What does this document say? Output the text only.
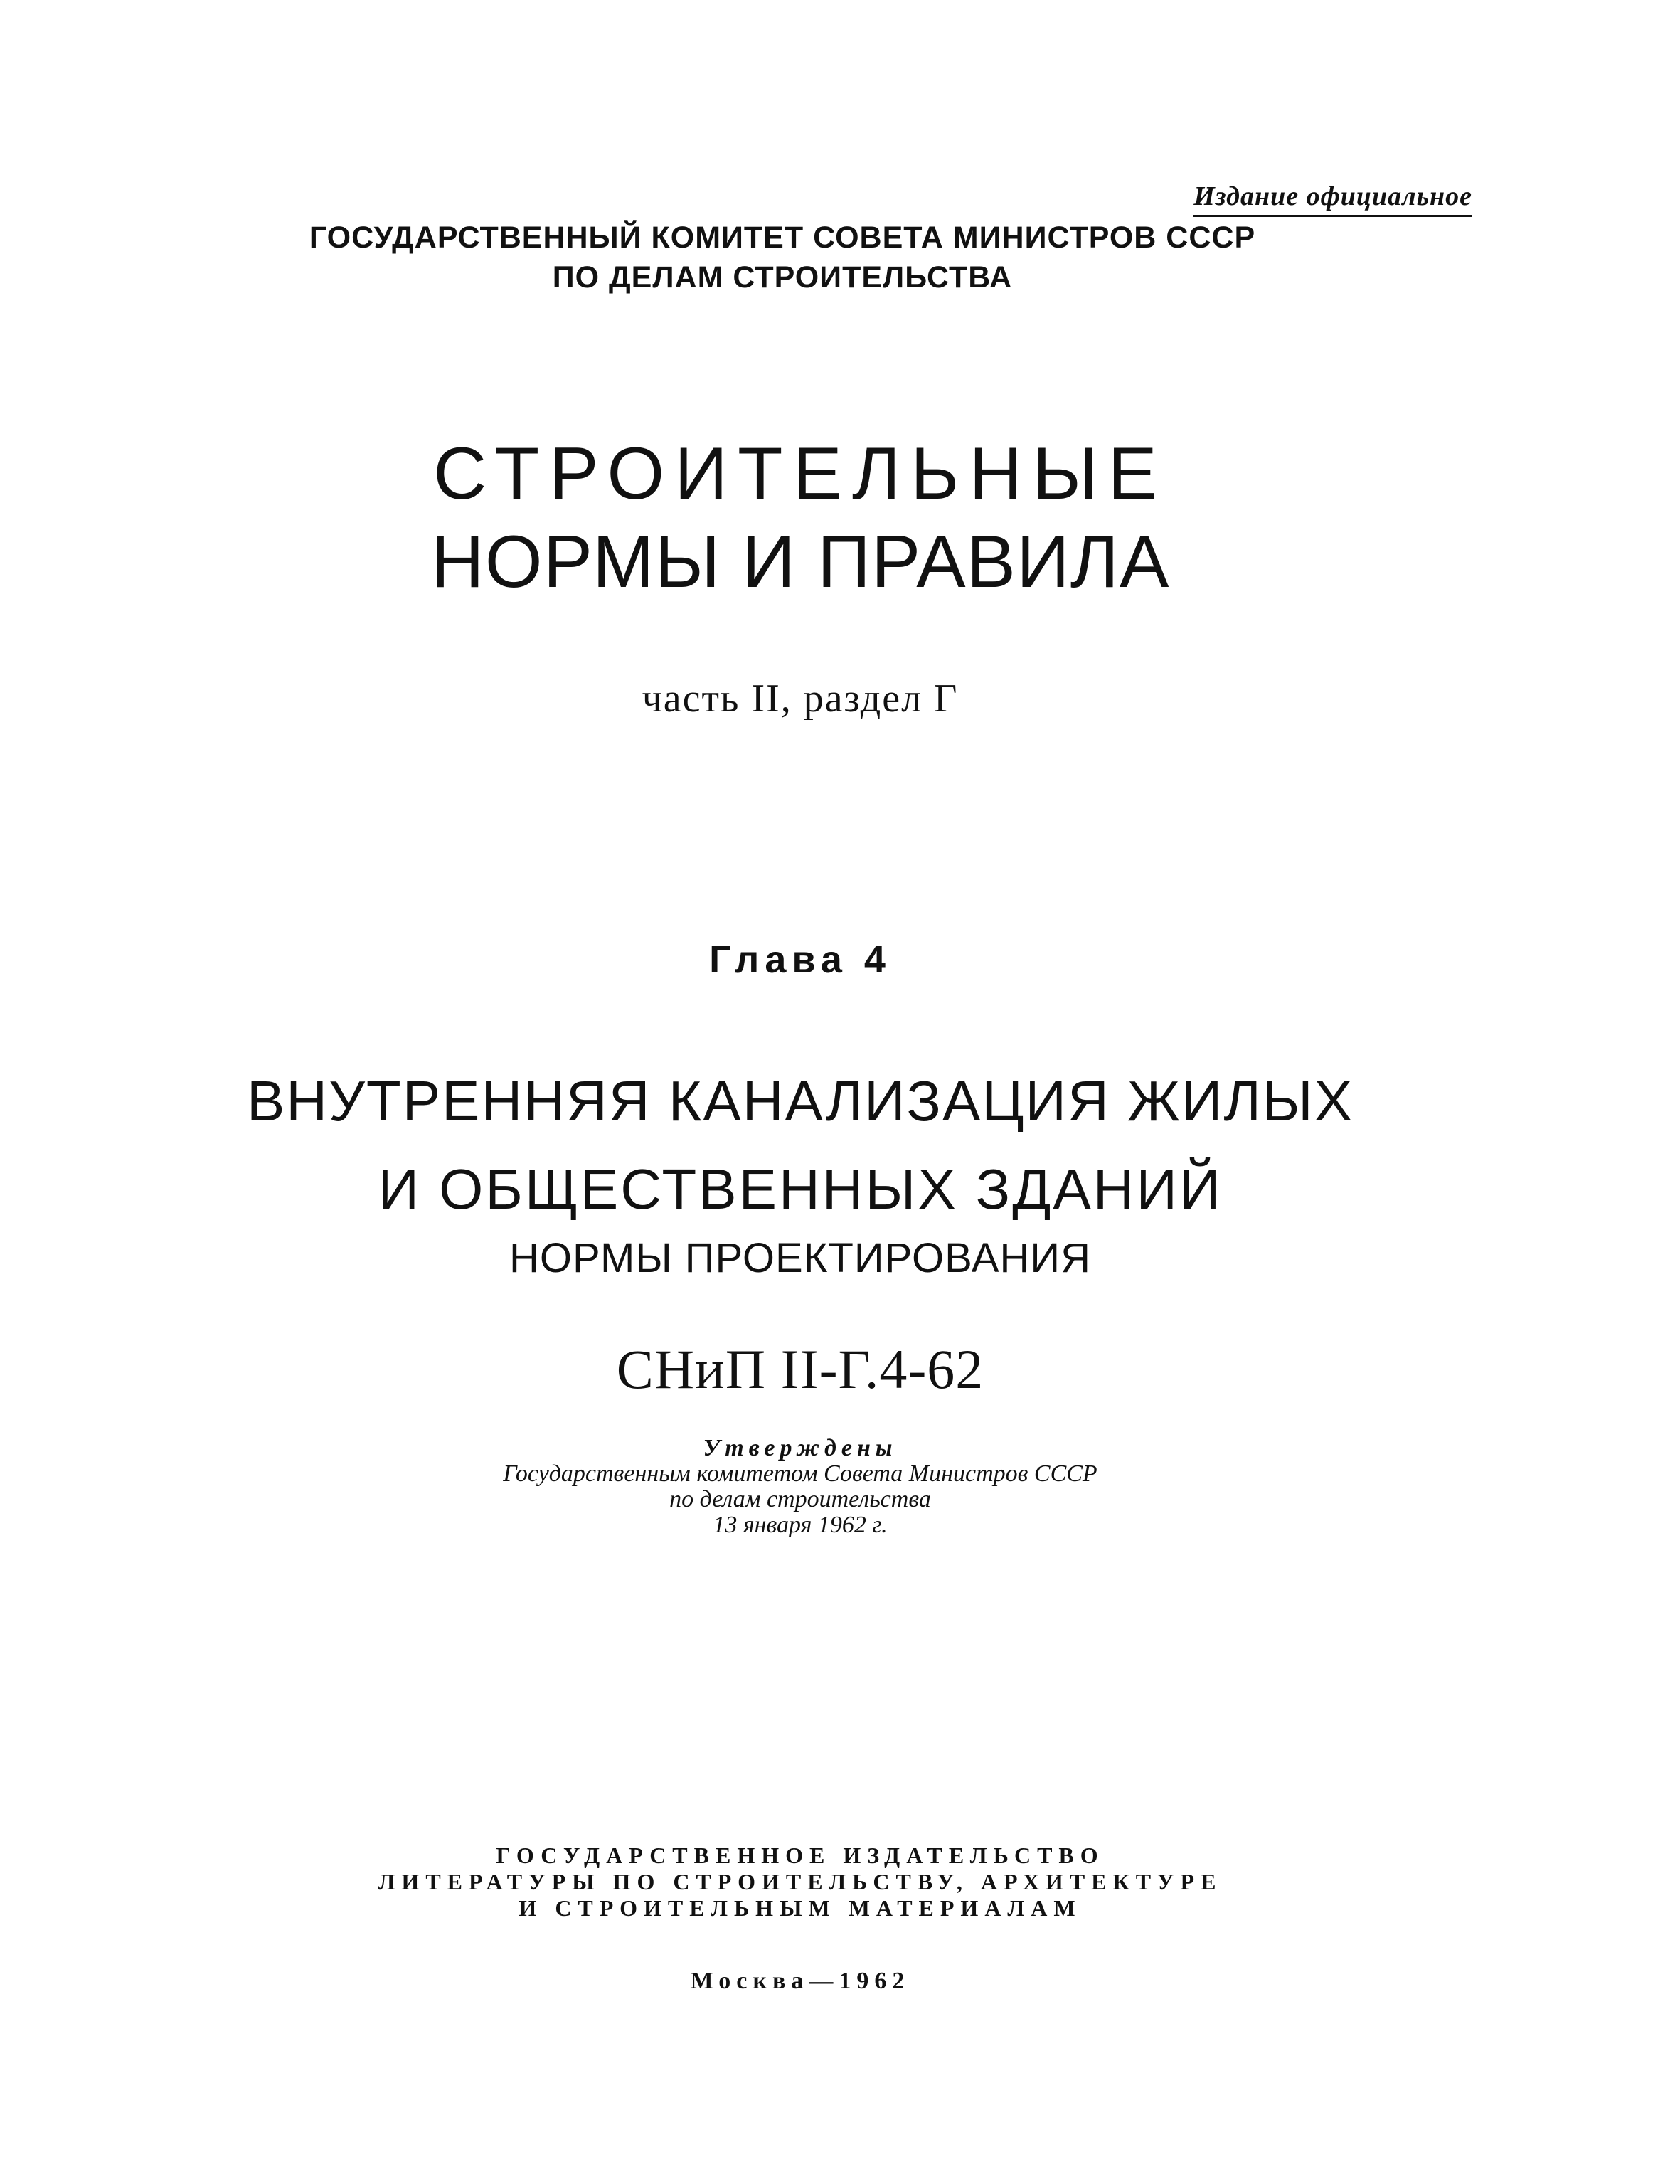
Издание официальное
ГОСУДАРСТВЕННЫЙ КОМИТЕТ СОВЕТА МИНИСТРОВ СССР
ПО ДЕЛАМ СТРОИТЕЛЬСТВА
СТРОИТЕЛЬНЫЕ
НОРМЫ И ПРАВИЛА
часть II, раздел Г
Глава 4
ВНУТРЕННЯЯ КАНАЛИЗАЦИЯ ЖИЛЫХ
И ОБЩЕСТВЕННЫХ ЗДАНИЙ
НОРМЫ ПРОЕКТИРОВАНИЯ
СНиП II-Г.4-62
Утверждены
Государственным комитетом Совета Министров СССР
по делам строительства
13 января 1962 г.
ГОСУДАРСТВЕННОЕ ИЗДАТЕЛЬСТВО
ЛИТЕРАТУРЫ ПО СТРОИТЕЛЬСТВУ, АРХИТЕКТУРЕ
И СТРОИТЕЛЬНЫМ МАТЕРИАЛАМ
Москва—1962
